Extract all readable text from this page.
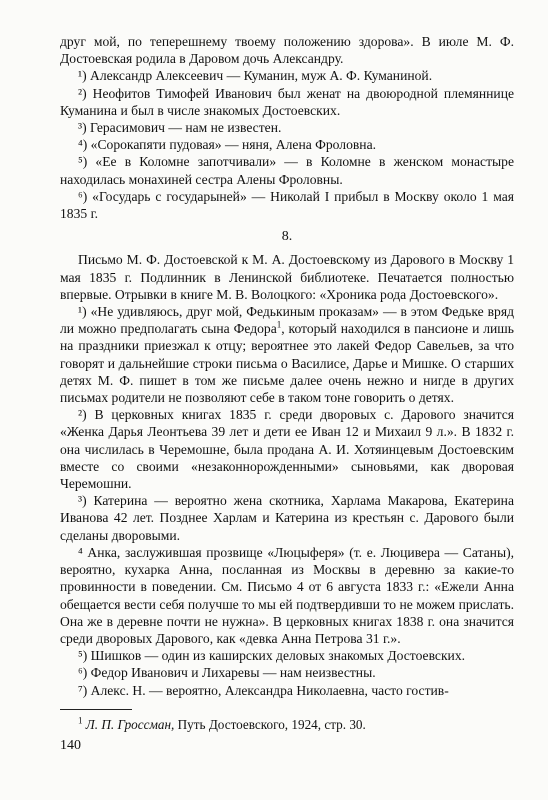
друг мой, по теперешнему твоему положению здорова». В июле М. Ф. Достоевская родила в Даровом дочь Александру.

¹) Александр Алексеевич — Куманин, муж А. Ф. Куманиной.

²) Неофитов Тимофей Иванович был женат на двоюродной племяннице Куманина и был в числе знакомых Достоевских.

³) Герасимович — нам не известен.

⁴) «Сорокапяти пудовая» — няня, Алена Фроловна.

⁵) «Ее в Коломне запотчивали» — в Коломне в женском монастыре находилась монахиней сестра Алены Фроловны.

⁶) «Государь с государыней» — Николай I прибыл в Москву около 1 мая 1835 г.

8.

Письмо М. Ф. Достоевской к М. А. Достоевскому из Дарового в Москву 1 мая 1835 г. Подлинник в Ленинской библиотеке. Печатается полностью впервые. Отрывки в книге М. В. Волоцкого: «Хроника рода Достоевского».

¹) «Не удивляюсь, друг мой, Федькиным проказам» — в этом Федьке вряд ли можно предполагать сына Федора$^1$, который находился в пансионе и лишь на праздники приезжал к отцу; вероятнее это лакей Федор Савельев, за что говорят и дальнейшие строки письма о Василисе, Дарье и Мишке. О старших детях М. Ф. пишет в том же письме далее очень нежно и нигде в других письмах родители не позволяют себе в таком тоне говорить о детях.

²) В церковных книгах 1835 г. среди дворовых с. Дарового значится «Женка Дарья Леонтьева 39 лет и дети ее Иван 12 и Михаил 9 л.». В 1832 г. она числилась в Черемошне, была продана А. И. Хотяинцевым Достоевским вместе со своими «незаконнорожденными» сыновьями, как дворовая Черемошни.

³) Катерина — вероятно жена скотника, Харлама Макарова, Екатерина Иванова 42 лет. Позднее Харлам и Катерина из крестьян с. Дарового были сделаны дворовыми.

⁴ Анка, заслужившая прозвище «Люцыферя» (т. е. Люцивера — Сатаны), вероятно, кухарка Анна, посланная из Москвы в деревню за какие-то провинности в поведении. См. Письмо 4 от 6 августа 1833 г.: «Ежели Анна обещается вести себя получше то мы ей подтвердивши то не можем прислать. Она же в деревне почти не нужна». В церковных книгах 1838 г. она значится среди дворовых Дарового, как «девка Анна Петрова 31 г.».

⁵) Шишков — один из каширских деловых знакомых Достоевских.

⁶) Федор Иванович и Лихаревы — нам неизвестны.

⁷) Алекс. Н. — вероятно, Александра Николаевна, часто гостив-

$^1$ Л. П. Гроссман, Путь Достоевского, 1924, стр. 30.

140
